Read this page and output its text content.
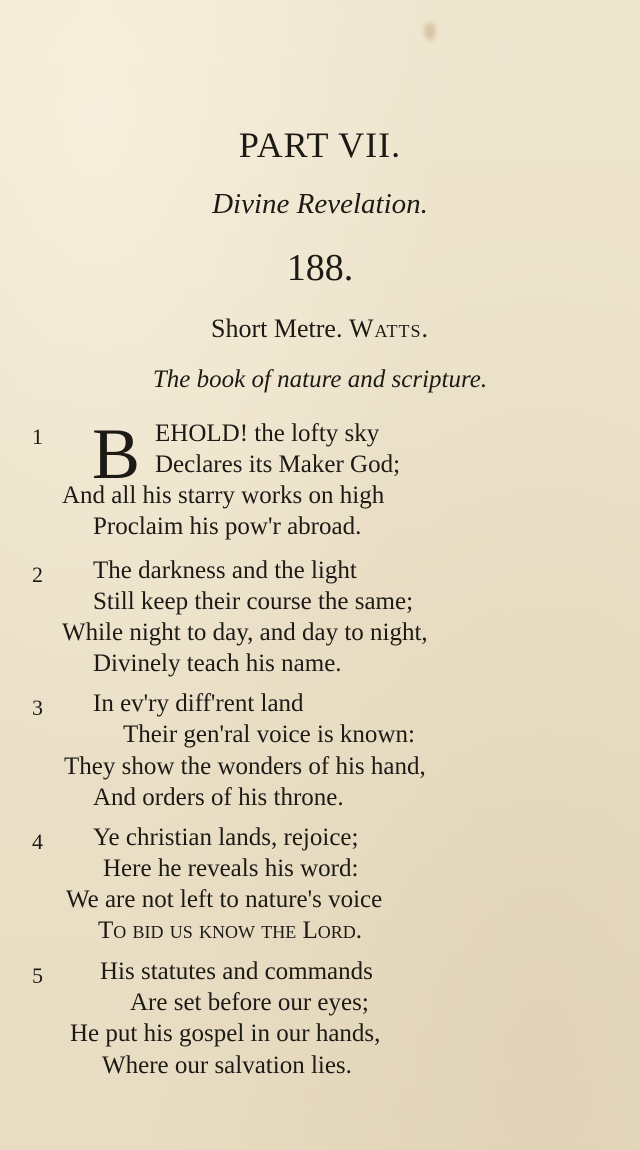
PART VII.
Divine Revelation.
188.
Short Metre. Watts.
The book of nature and scripture.
1 B EHOLD! the lofty sky
Declares its Maker God;
And all his starry works on high
Proclaim his pow'r abroad.
2 The darkness and the light
Still keep their course the same;
While night to day, and day to night,
Divinely teach his name.
3 In ev'ry diff'rent land
Their gen'ral voice is known:
They show the wonders of his hand,
And orders of his throne.
4 Ye christian lands, rejoice;
Here he reveals his word:
We are not left to nature's voice
To bid us know the Lord.
5 His statutes and commands
Are set before our eyes;
He put his gospel in our hands,
Where our salvation lies.
